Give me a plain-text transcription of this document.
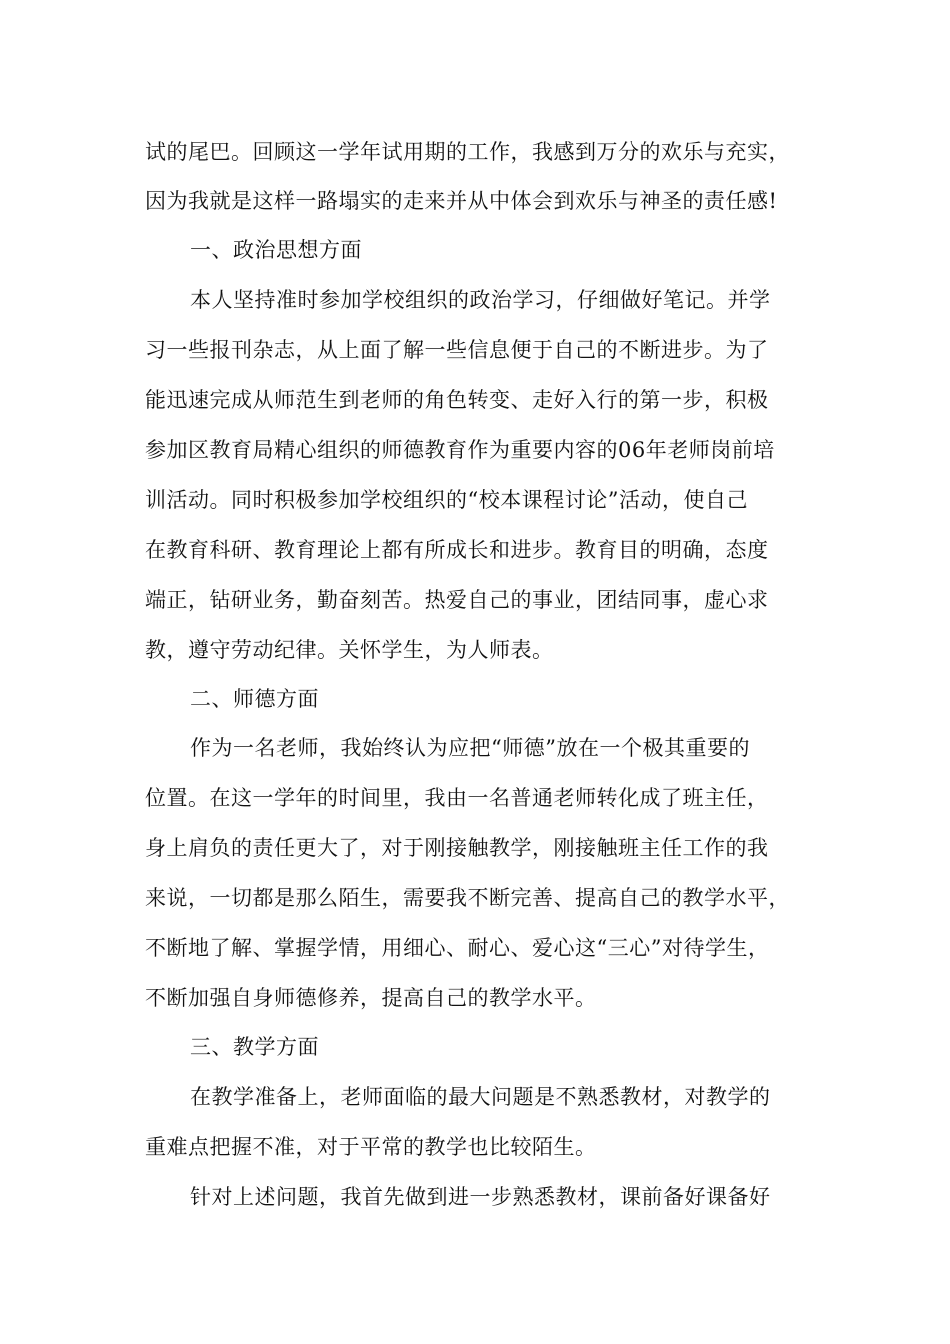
试的尾巴。回顾这一学年试用期的工作，我感到万分的欢乐与充实，
因为我就是这样一路塌实的走来并从中体会到欢乐与神圣的责任感!
一、政治思想方面
本人坚持准时参加学校组织的政治学习，仔细做好笔记。并学
习一些报刊杂志，从上面了解一些信息便于自己的不断进步。为了
能迅速完成从师范生到老师的角色转变、走好入行的第一步，积极
参加区教育局精心组织的师德教育作为重要内容的06年老师岗前培
训活动。同时积极参加学校组织的“校本课程讨论”活动，使自己
在教育科研、教育理论上都有所成长和进步。教育目的明确，态度
端正，钻研业务，勤奋刻苦。热爱自己的事业，团结同事，虚心求
教，遵守劳动纪律。关怀学生，为人师表。
二、师德方面
作为一名老师，我始终认为应把“师德”放在一个极其重要的
位置。在这一学年的时间里，我由一名普通老师转化成了班主任，
身上肩负的责任更大了，对于刚接触教学，刚接触班主任工作的我
来说，一切都是那么陌生，需要我不断完善、提高自己的教学水平，
不断地了解、掌握学情，用细心、耐心、爱心这“三心”对待学生，
不断加强自身师德修养，提高自己的教学水平。
三、教学方面
在教学准备上，老师面临的最大问题是不熟悉教材，对教学的
重难点把握不准，对于平常的教学也比较陌生。
针对上述问题，我首先做到进一步熟悉教材，课前备好课备好
